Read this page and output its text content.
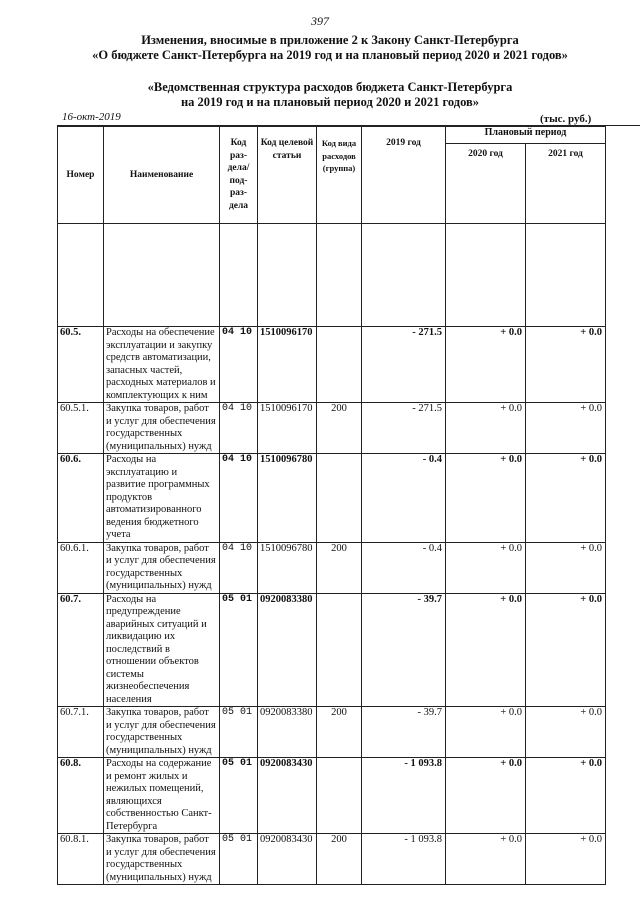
397
Изменения, вносимые в приложение 2 к Закону Санкт-Петербурга
«О бюджете Санкт-Петербурга на 2019 год и на плановый период 2020 и 2021 годов»
«Ведомственная структура расходов бюджета Санкт-Петербурга
на 2019 год и на плановый период 2020 и 2021 годов»
16-окт-2019	(тыс. руб.)
Номер	Наименование	Код раз- дела/ под- раз- дела	Код целевой статьи	Код вида расходов (группа)	2019 год	Плановый период	
						2020 год	2021 год

60.5.	Расходы на обеспечение эксплуатации и закупку средств автоматизации, запасных частей, расходных материалов и комплектующих к ним	04 10	1510096170		- 271.5	+ 0.0	+ 0.0
60.5.1.	Закупка товаров, работ и услуг для обеспечения государственных (муниципальных) нужд	04 10	1510096170	200	- 271.5	+ 0.0	+ 0.0
60.6.	Расходы на эксплуатацию и развитие программных продуктов автоматизированного ведения бюджетного учета	04 10	1510096780		- 0.4	+ 0.0	+ 0.0
60.6.1.	Закупка товаров, работ и услуг для обеспечения государственных (муниципальных) нужд	04 10	1510096780	200	- 0.4	+ 0.0	+ 0.0
60.7.	Расходы на предупреждение аварийных ситуаций и ликвидацию их последствий в отношении объектов системы жизнеобеспечения населения	05 01	0920083380		- 39.7	+ 0.0	+ 0.0
60.7.1.	Закупка товаров, работ и услуг для обеспечения государственных (муниципальных) нужд	05 01	0920083380	200	- 39.7	+ 0.0	+ 0.0
60.8.	Расходы на содержание и ремонт жилых и нежилых помещений, являющихся собственностью Санкт-Петербурга	05 01	0920083430		- 1 093.8	+ 0.0	+ 0.0
60.8.1.	Закупка товаров, работ и услуг для обеспечения государственных (муниципальных) нужд	05 01	0920083430	200	- 1 093.8	+ 0.0	+ 0.0
